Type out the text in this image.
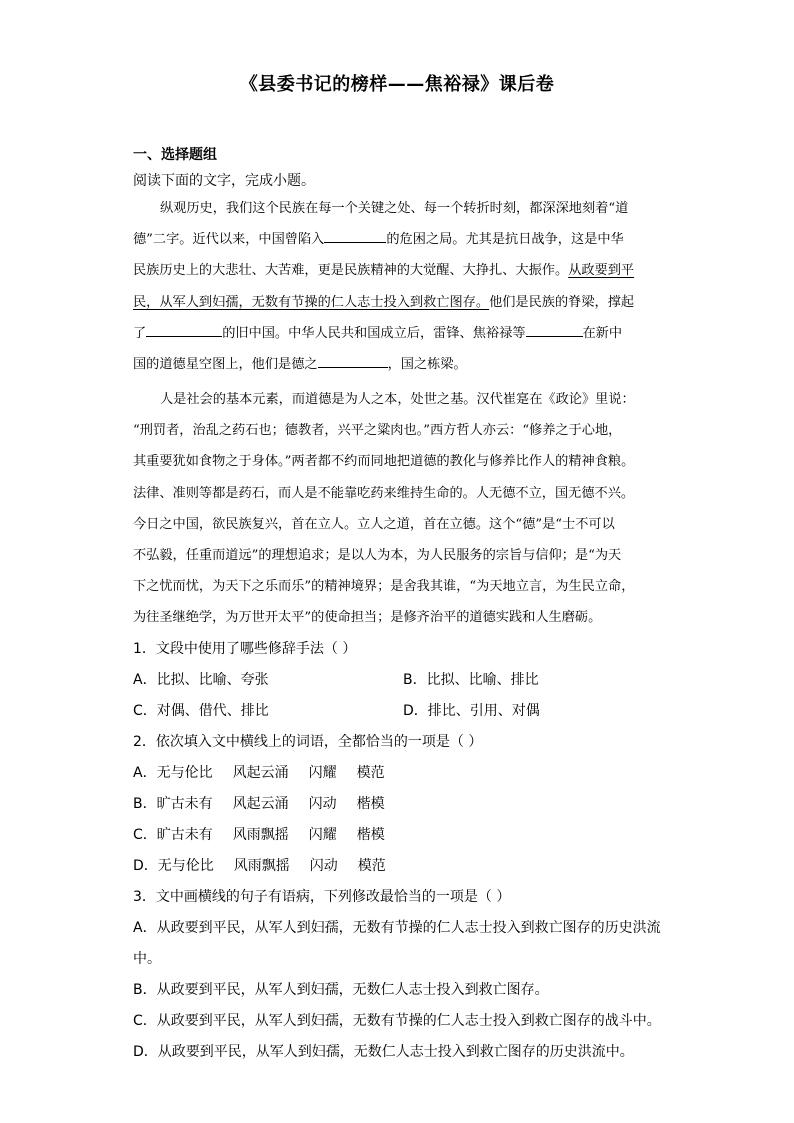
《县委书记的榜样——焦裕禄》课后卷
一、选择题组
阅读下面的文字，完成小题。
纵观历史，我们这个民族在每一个关键之处、每一个转折时刻，都深深地刻着“道
德”二字。近代以来，中国曾陷入	的危困之局。尤其是抗日战争，这是中华
民族历史上的大悲壮、大苦难，更是民族精神的大觉醒、大挣扎、大振作。从政要到平
民，从军人到妇孺，无数有节操的仁人志士投入到救亡图存。他们是民族的脊梁，撑起
了	的旧中国。中华人民共和国成立后，雷锋、焦裕禄等	在新中
国的道德星空图上，他们是德之	，国之栋梁。
人是社会的基本元素，而道德是为人之本，处世之基。汉代崔寔在《政论》里说：
“刑罚者，治乱之药石也；德教者，兴平之粱肉也。”西方哲人亦云：“修养之于心地，
其重要犹如食物之于身体。”两者都不约而同地把道德的教化与修养比作人的精神食粮。
法律、准则等都是药石，而人是不能靠吃药来维持生命的。人无德不立，国无德不兴。
今日之中国，欲民族复兴，首在立人。立人之道，首在立德。这个“德”是“士不可以
不弘毅，任重而道远”的理想追求；是以人为本，为人民服务的宗旨与信仰；是“为天
下之忧而忧，为天下之乐而乐”的精神境界；是舍我其谁，“为天地立言，为生民立命，
为往圣继绝学，为万世开太平”的使命担当；是修齐治平的道德实践和人生磨砺。
1．文段中使用了哪些修辞手法（ ）
A．比拟、比喻、夸张	B．比拟、比喻、排比
C．对偶、借代、排比	D．排比、引用、对偶
2．依次填入文中横线上的词语，全都恰当的一项是（ ）
A．无与伦比 风起云涌 闪耀 模范
B．旷古未有 风起云涌 闪动 楷模
C．旷古未有 风雨飘摇 闪耀 楷模
D．无与伦比 风雨飘摇 闪动 模范
3．文中画横线的句子有语病，下列修改最恰当的一项是（ ）
A．从政要到平民，从军人到妇孺，无数有节操的仁人志士投入到救亡图存的历史洪流
中。
B．从政要到平民，从军人到妇孺，无数仁人志士投入到救亡图存。
C．从政要到平民，从军人到妇孺，无数有节操的仁人志士投入到救亡图存的战斗中。
D．从政要到平民，从军人到妇孺，无数仁人志士投入到救亡图存的历史洪流中。
